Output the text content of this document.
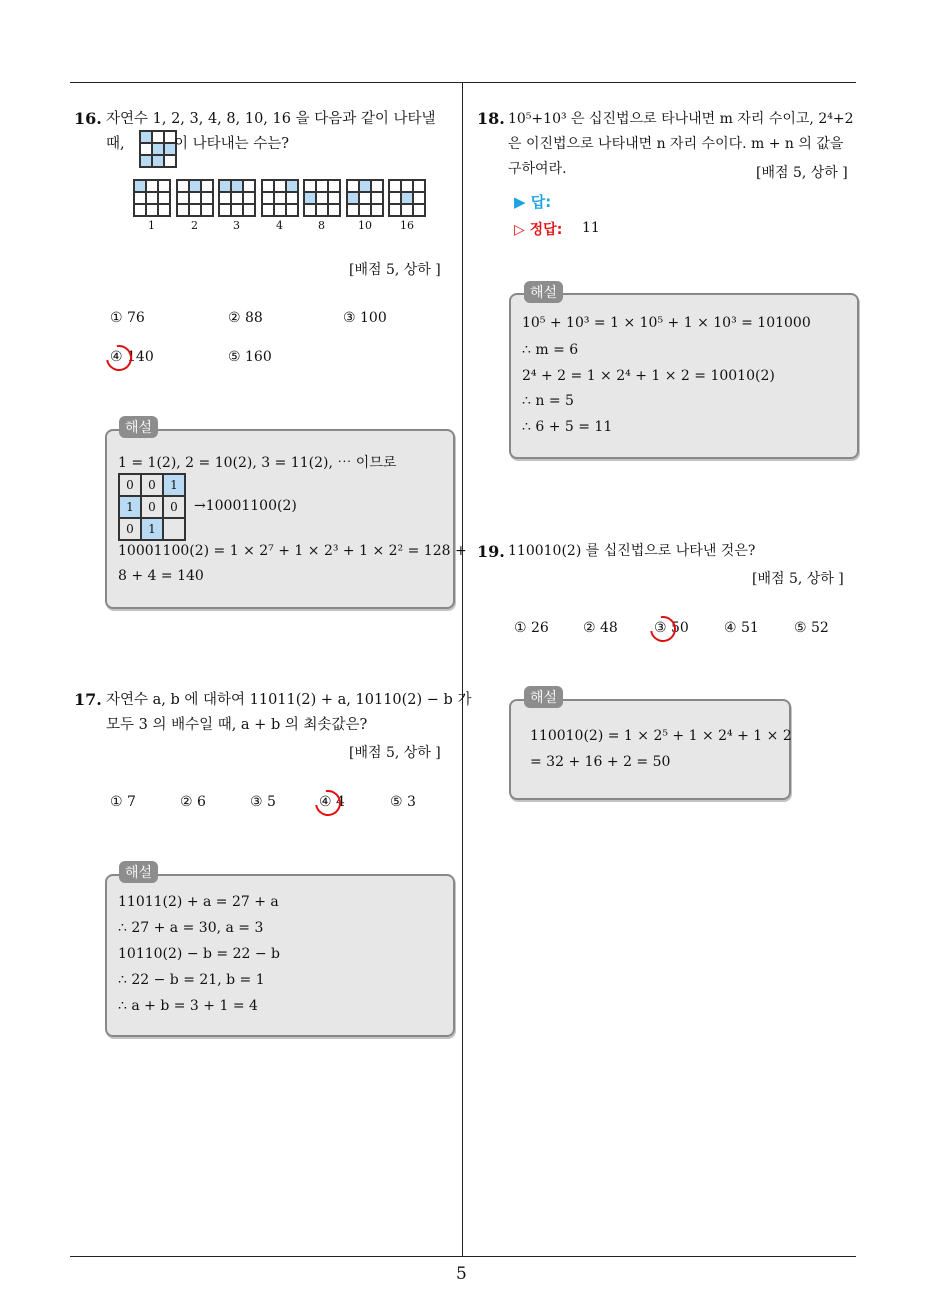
5
16. 자연수 1, 2, 3, 4, 8, 10, 16 을 다음과 같이 나타낼
때,	이 나타내는 수는?
1	2	3	4	8	10	16
[배점 5, 상하 ]
① 76	② 88	③ 100
④ 140	⑤ 160
해설
1 = 1(2), 2 = 10(2), 3 = 11(2), ⋯ 이므로
0	0	1
1	0	0
0	1
→10001100(2)
10001100(2) = 1 × 2⁷ + 1 × 2³ + 1 × 2² = 128 +
8 + 4 = 140
17. 자연수 a, b 에 대하여 11011(2) + a, 10110(2) − b 가
모두 3 의 배수일 때, a + b 의 최솟값은?
[배점 5, 상하 ]
① 7	② 6	③ 5	④ 4	⑤ 3
해설
11011(2) + a = 27 + a
∴ 27 + a = 30, a = 3
10110(2) − b = 22 − b
∴ 22 − b = 21, b = 1
∴ a + b = 3 + 1 = 4
18. 10⁵+10³ 은 십진법으로 타나내면 m 자리 수이고, 2⁴+2
은 이진법으로 나타내면 n 자리 수이다. m + n 의 값을
구하여라.	[배점 5, 상하 ]
▶ 답:
▷ 정답: 11
해설
10⁵ + 10³ = 1 × 10⁵ + 1 × 10³ = 101000
∴ m = 6
2⁴ + 2 = 1 × 2⁴ + 1 × 2 = 10010(2)
∴ n = 5
∴ 6 + 5 = 11
19. 110010(2) 를 십진법으로 나타낸 것은?
[배점 5, 상하 ]
① 26 ② 48	③ 50	④ 51	⑤ 52
해설
110010(2) = 1 × 2⁵ + 1 × 2⁴ + 1 × 2
= 32 + 16 + 2 = 50
